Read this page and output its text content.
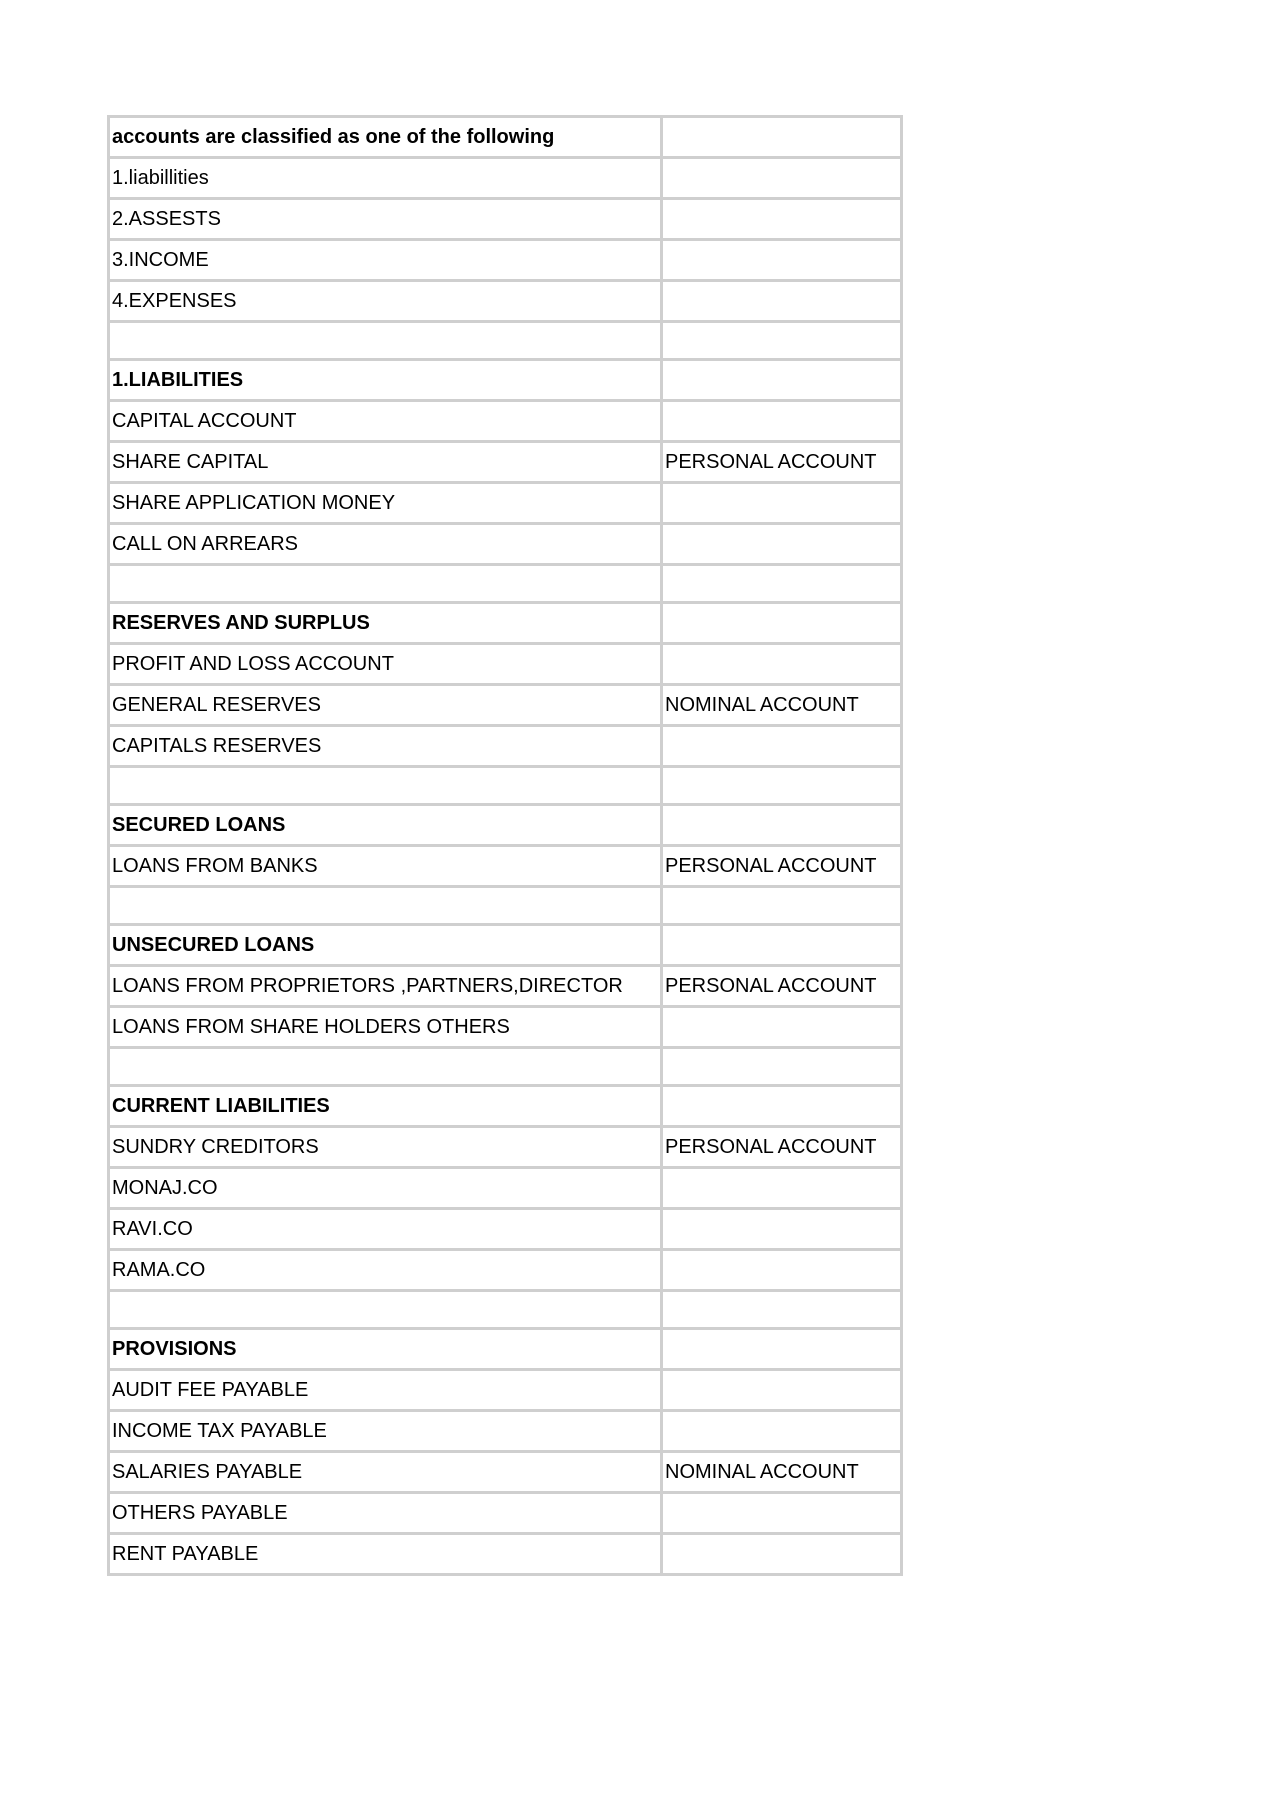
accounts are classified as one of the following	
1.liabillities	
2.ASSESTS	
3.INCOME	
4.EXPENSES	

1.LIABILITIES	
CAPITAL ACCOUNT	
SHARE CAPITAL	PERSONAL ACCOUNT
SHARE APPLICATION MONEY	
CALL ON ARREARS	

RESERVES AND SURPLUS	
PROFIT AND LOSS ACCOUNT	
GENERAL RESERVES	NOMINAL ACCOUNT
CAPITALS RESERVES	

SECURED LOANS	
LOANS FROM BANKS	PERSONAL ACCOUNT

UNSECURED LOANS	
LOANS FROM PROPRIETORS ,PARTNERS,DIRECTOR	PERSONAL ACCOUNT
LOANS FROM SHARE HOLDERS OTHERS	

CURRENT LIABILITIES	
SUNDRY CREDITORS	PERSONAL ACCOUNT
MONAJ.CO	
RAVI.CO	
RAMA.CO	

PROVISIONS	
AUDIT FEE PAYABLE	
INCOME TAX PAYABLE	
SALARIES PAYABLE	NOMINAL ACCOUNT
OTHERS PAYABLE	
RENT PAYABLE	
